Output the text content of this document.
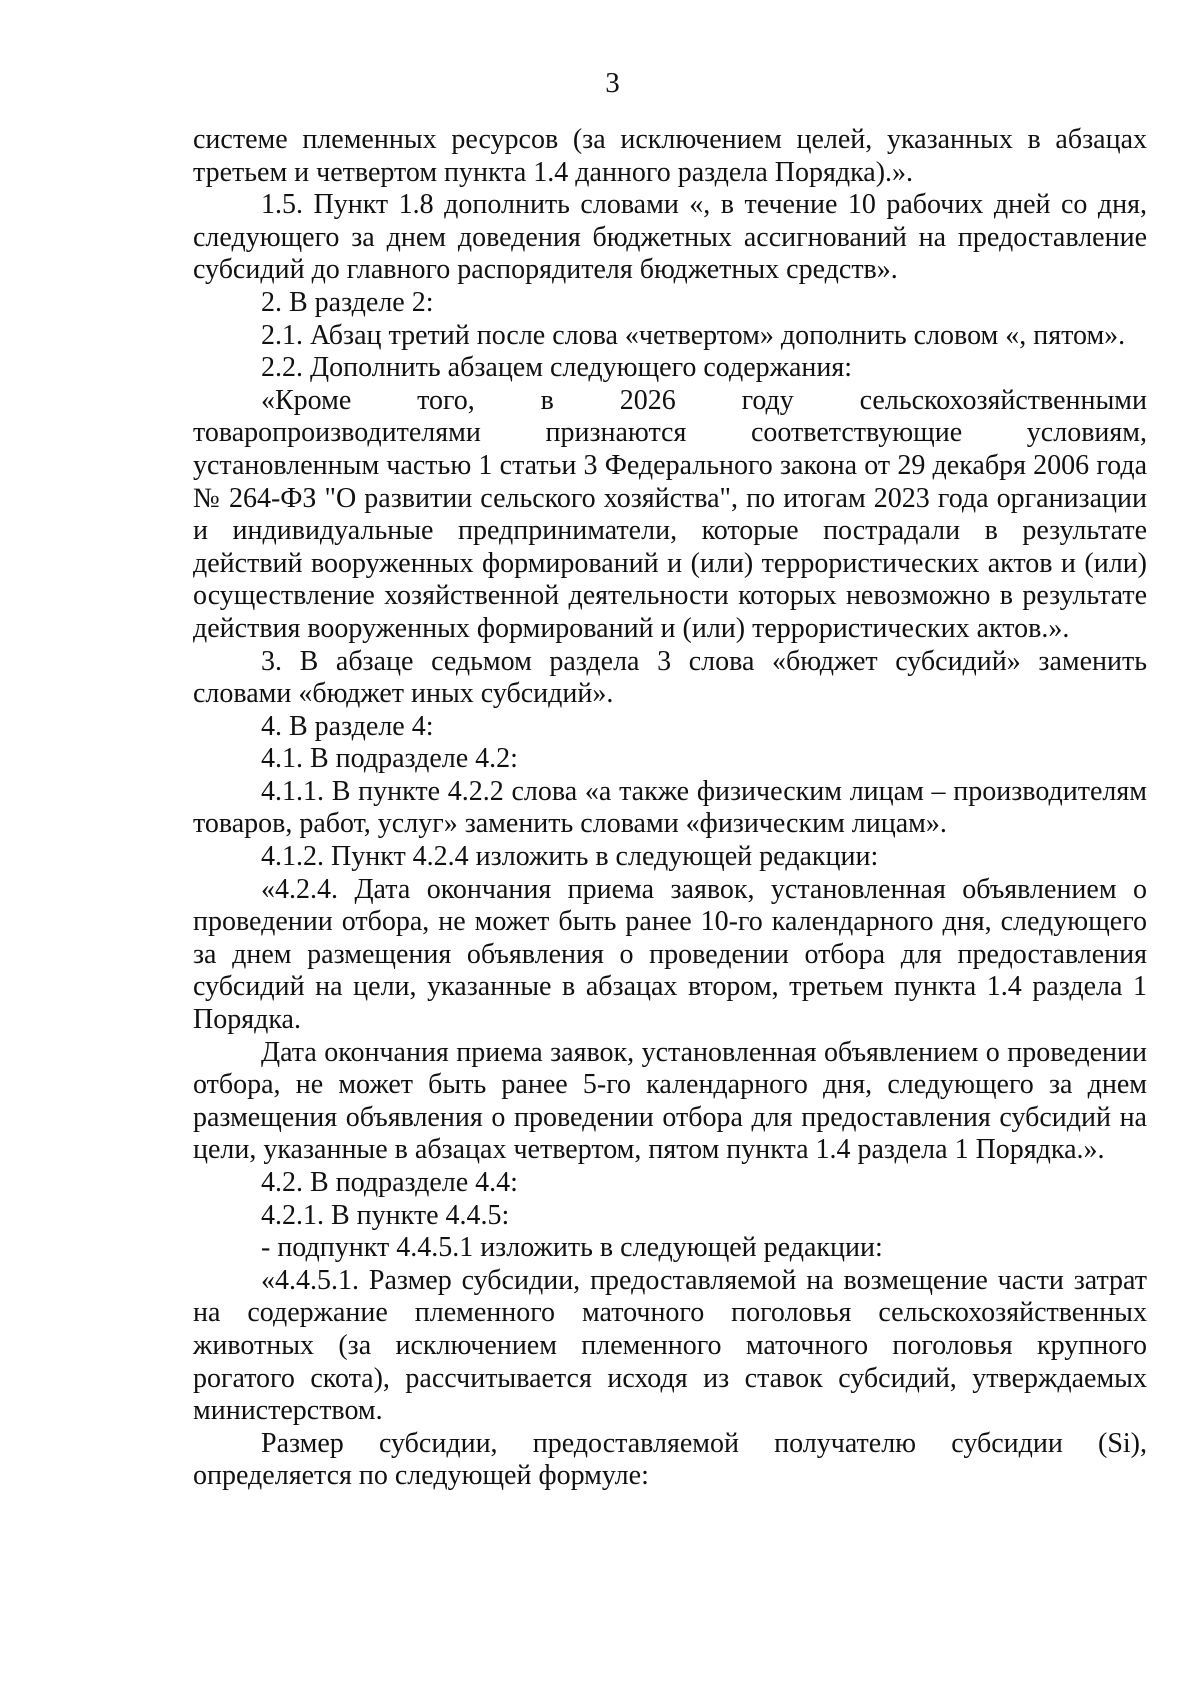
3

системе племенных ресурсов (за исключением целей, указанных в абзацах третьем и четвертом пункта 1.4 данного раздела Порядка).».

1.5. Пункт 1.8 дополнить словами «, в течение 10 рабочих дней со дня, следующего за днем доведения бюджетных ассигнований на предоставление субсидий до главного распорядителя бюджетных средств».

2. В разделе 2:

2.1. Абзац третий после слова «четвертом» дополнить словом «, пятом».

2.2. Дополнить абзацем следующего содержания:

«Кроме того, в 2026 году сельскохозяйственными товаропроизводителями признаются соответствующие условиям, установленным частью 1 статьи 3 Федерального закона от 29 декабря 2006 года № 264-ФЗ "О развитии сельского хозяйства", по итогам 2023 года организации и индивидуальные предприниматели, которые пострадали в результате действий вооруженных формирований и (или) террористических актов и (или) осуществление хозяйственной деятельности которых невозможно в результате действия вооруженных формирований и (или) террористических актов.».

3. В абзаце седьмом раздела 3 слова «бюджет субсидий» заменить словами «бюджет иных субсидий».

4. В разделе 4:

4.1. В подразделе 4.2:

4.1.1. В пункте 4.2.2 слова «а также физическим лицам – производителям товаров, работ, услуг» заменить словами «физическим лицам».

4.1.2. Пункт 4.2.4 изложить в следующей редакции:

«4.2.4. Дата окончания приема заявок, установленная объявлением о проведении отбора, не может быть ранее 10-го календарного дня, следующего за днем размещения объявления о проведении отбора для предоставления субсидий на цели, указанные в абзацах втором, третьем пункта 1.4 раздела 1 Порядка.

Дата окончания приема заявок, установленная объявлением о проведении отбора, не может быть ранее 5-го календарного дня, следующего за днем размещения объявления о проведении отбора для предоставления субсидий на цели, указанные в абзацах четвертом, пятом пункта 1.4 раздела 1 Порядка.».

4.2. В подразделе 4.4:

4.2.1. В пункте 4.4.5:

- подпункт 4.4.5.1 изложить в следующей редакции:

«4.4.5.1. Размер субсидии, предоставляемой на возмещение части затрат на содержание племенного маточного поголовья сельскохозяйственных животных (за исключением племенного маточного поголовья крупного рогатого скота), рассчитывается исходя из ставок субсидий, утверждаемых министерством.

Размер субсидии, предоставляемой получателю субсидии (Si), определяется по следующей формуле:
